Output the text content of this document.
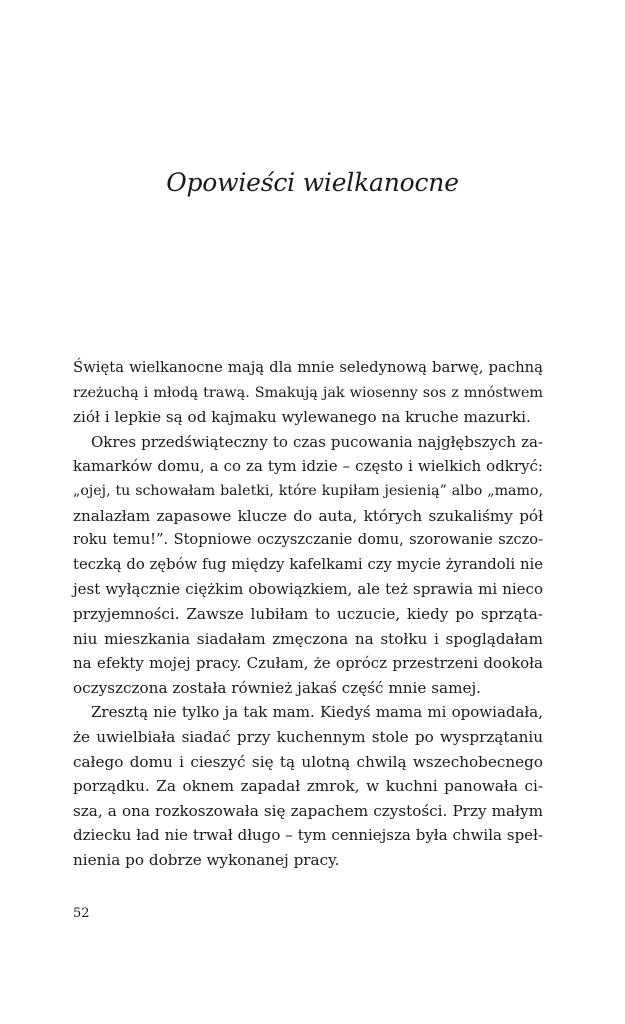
Opowieści wielkanocne

Święta wielkanocne mają dla mnie seledynową barwę, pachną
rzeżuchą i młodą trawą. Smakują jak wiosenny sos z mnóstwem
ziół i lepkie są od kajmaku wylewanego na kruche mazurki.

Okres przedświąteczny to czas pucowania najgłębszych za-
kamarków domu, a co za tym idzie – często i wielkich odkryć:
„ojej, tu schowałam baletki, które kupiłam jesienią” albo „mamo,
znalazłam zapasowe klucze do auta, których szukaliśmy pół
roku temu!”. Stopniowe oczyszczanie domu, szorowanie szczo-
teczką do zębów fug między kafelkami czy mycie żyrandoli nie
jest wyłącznie ciężkim obowiązkiem, ale też sprawia mi nieco
przyjemności. Zawsze lubiłam to uczucie, kiedy po sprząta-
niu mieszkania siadałam zmęczona na stołku i spoglądałam
na efekty mojej pracy. Czułam, że oprócz przestrzeni dookoła
oczyszczona została również jakaś część mnie samej.

Zresztą nie tylko ja tak mam. Kiedyś mama mi opowiadała,
że uwielbiała siadać przy kuchennym stole po wysprzątaniu
całego domu i cieszyć się tą ulotną chwilą wszechobecnego
porządku. Za oknem zapadał zmrok, w kuchni panowała ci-
sza, a ona rozkoszowała się zapachem czystości. Przy małym
dziecku ład nie trwał długo – tym cenniejsza była chwila speł-
nienia po dobrze wykonanej pracy.

52
